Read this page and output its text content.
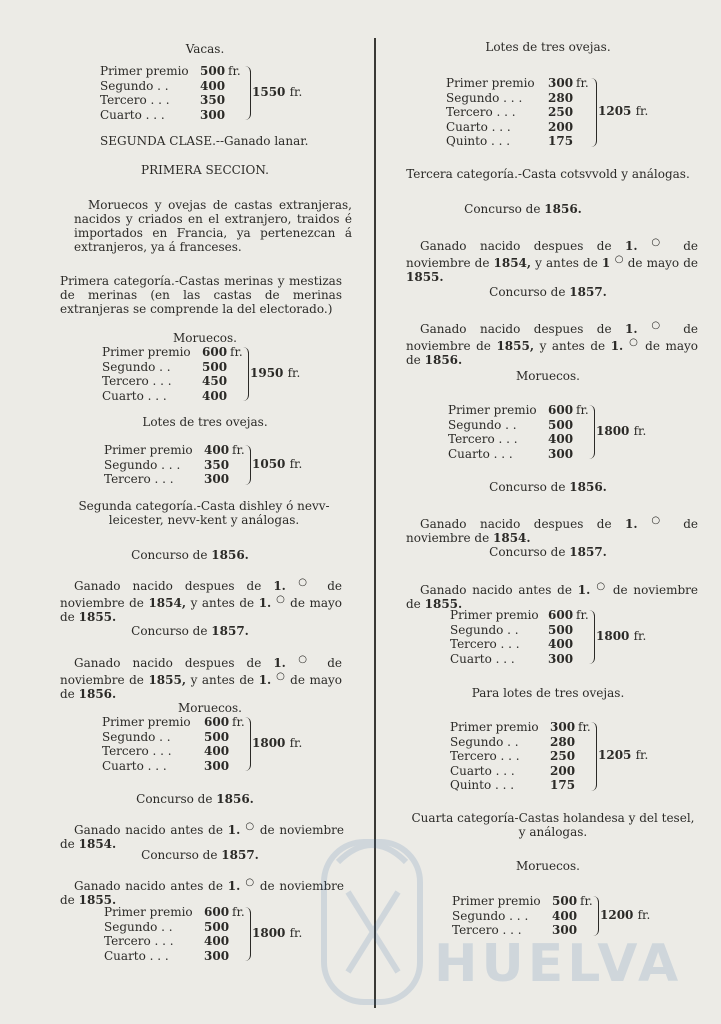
Vacas.
SEGUNDA CLASE.--Ganado lanar.
PRIMERA SECCION.
Moruecos y ovejas de castas extranjeras, nacidos y criados en el extranjero, traidos é importados en Francia, ya pertenezcan á extranjeros, ya á franceses.
Primera categoría.-Castas merinas y mestizas de merinas (en las castas de merinas extranjeras se comprende la del electorado.)
Moruecos.
Lotes de tres ovejas.
Segunda categoría.-Casta dishley ó nevv-leicester, nevv-kent y análogas.
Concurso de 1856.
Ganado nacido despues de 1. ○ de noviembre de 1854, y antes de 1. ○ de mayo de 1855.
Concurso de 1857.
Ganado nacido despues de 1. ○ de noviembre de 1855, y antes de 1. ○ de mayo de 1856.
Moruecos.
Concurso de 1856.
Ganado nacido antes de 1. ○ de noviembre de 1854.
Concurso de 1857.
Ganado nacido antes de 1. ○ de noviembre de 1855.
Primer premio 500 fr.
Segundo . .	400
Tercero . . .	350
Cuarto . . .	300
1550 fr.
Primer premio 600 fr.
Segundo . .	500
Tercero . . .	450
Cuarto . . .	400
1950 fr.
Primer premio 400 fr.
Segundo . . . 350
Tercero . . .	300
1050 fr.
Primer premio 600 fr.
Segundo . .	500
Tercero . . .	400
Cuarto . . .	300
1800 fr.
Primer premio 600 fr.
Segundo . .	500
Tercero . . .	400
Cuarto . . .	300
1800 fr.
Lotes de tres ovejas.
Tercera categoría.-Casta cotsvvold y análogas.
Concurso de 1856.
Ganado nacido despues de 1. ○ de noviembre de 1854, y antes de 1 ○ de mayo de 1855.
Concurso de 1857.
Ganado nacido despues de 1. ○ de noviembre de 1855, y antes de 1. ○ de mayo de 1856.
Moruecos.
Concurso de 1856.
Ganado nacido despues de 1. ○ de noviembre de 1854.
Concurso de 1857.
Ganado nacido antes de 1. ○ de noviembre de 1855.
Para lotes de tres ovejas.
Cuarta categoría-Castas holandesa y del tesel, y análogas.
Moruecos.
Primer premio 300 fr.
Segundo . . . 280
Tercero . . .	250
Cuarto . . .	200
Quinto . . .	175
1205 fr.
Primer premio 600 fr.
Segundo . .	500
Tercero . . .	400
Cuarto . . .	300
1800 fr.
Primer premio 600 fr.
Segundo . . 500
Tercero . . . 400
Cuarto . . .	300
1800 fr.
Primer premio 300 fr.
Segundo . .	280
Tercero . . .	250
Cuarto . . .	200
Quinto . . .	175
1205 fr.
Primer premio 500 fr.
Segundo . . . 400
Tercero . . .	300
1200 fr.
HUELVA
